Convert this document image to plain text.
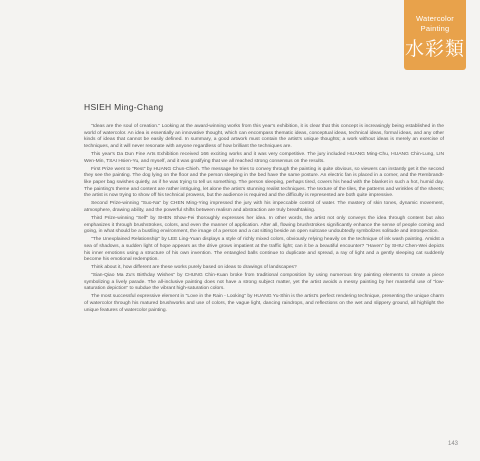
Watercolor
Painting
水彩類
HSIEH Ming-Chang

"Ideas are the soul of creation." Looking at the award-winning works from this year's exhibition, it is clear that this concept is increasingly being established in the world of watercolor. An idea is essentially an innovative thought, which can encompass thematic ideas, conceptual ideas, technical ideas, formal ideas, and any other kinds of ideas that cannot be easily defined. In summary, a good artwork must contain the artist's unique thoughts; a work without ideas is merely an exercise of techniques, and it will never resonate with anyone regardless of how brilliant the techniques are.

This year's Da Dun Fine Arts Exhibition received 166 exciting works and it was very competitive. The jury included HUANG Ming-Chu, HUANG Chin-Lung, LIN Wen-Min, TSAI Hsien-Yu, and myself, and it was gratifying that we all reached strong consensus on the results.

First Prize went to "Rest" by HUANG Chun-Chieh. The message he tries to convey through the painting is quite obvious, so viewers can instantly get it the second they see the painting. The dog lying on the floor and the person sleeping in the bed have the same posture. An electric fan is placed in a corner, and the Rembrandt-like paper bag swishes quietly, as if he was trying to tell us something. The person sleeping, perhaps tired, covers his head with the blanket in such a hot, humid day. The painting's theme and content are rather intriguing, let alone the artist's stunning realist techniques. The texture of the tiles, the patterns and wrinkles of the sheets; the artist is now trying to show off his technical prowess, but the audience is required and the difficulty is represented are both quite impressive.

Second Prize-winning "Suo-Na" by CHEN Ming-Ying impressed the jury with his impeccable control of water. The mastery of skin tones, dynamic movement, atmosphere, drawing ability, and the powerful shifts between realism and abstraction are truly breathtaking.

Third Prize-winning "Self" by SHEN Show-Fei thoroughly expresses her idea. In other words, the artist not only conveys the idea through content but also emphasizes it through brushstrokes, colors, and even the manner of application. After all, flowing brushstrokes significantly enhance the sense of people coming and going, in what should be a bustling environment, the image of a person and a cat sitting beside an open suitcase undoubtedly symbolizes solitude and introspection.

"The Unexplained Relationship" by LEE Ling-Yuan displays a style of richly mixed colors, obviously relying heavily on the technique of ink wash painting. Amidst a sea of shadows, a sudden light of hope appears as the drive grows impatient at the traffic light; can it be a beautiful encounter? "Haven" by SHIU Chen-Wei depicts his inner emotions using a structure of his own invention. The entangled balls continue to duplicate and spread, a ray of light and a gently sleeping cat suddenly become his emotional redemption.

Think about it, how different are these works purely based on ideas to drawings of landscapes?

"Sian-Qiao Ma Zu's Birthday Wishes" by CHUNG Chin-Kuan broke from traditional composition by using numerous tiny painting elements to create a piece symbolizing a lively parade. The all-inclusive painting does not have a strong subject matter, yet the artist avoids a messy painting by her masterful use of "low-saturation depiction" to subdue the vibrant high-saturation colors.

The most successful expressive element in "Love in the Rain - Looking" by HUANG Yu-Shin is the artist's perfect rendering technique, presenting the unique charm of watercolor through his matured brushworks and use of colors, the vague light, dancing raindrops, and reflections on the wet and slippery ground, all highlight the unique features of watercolor painting.

143
